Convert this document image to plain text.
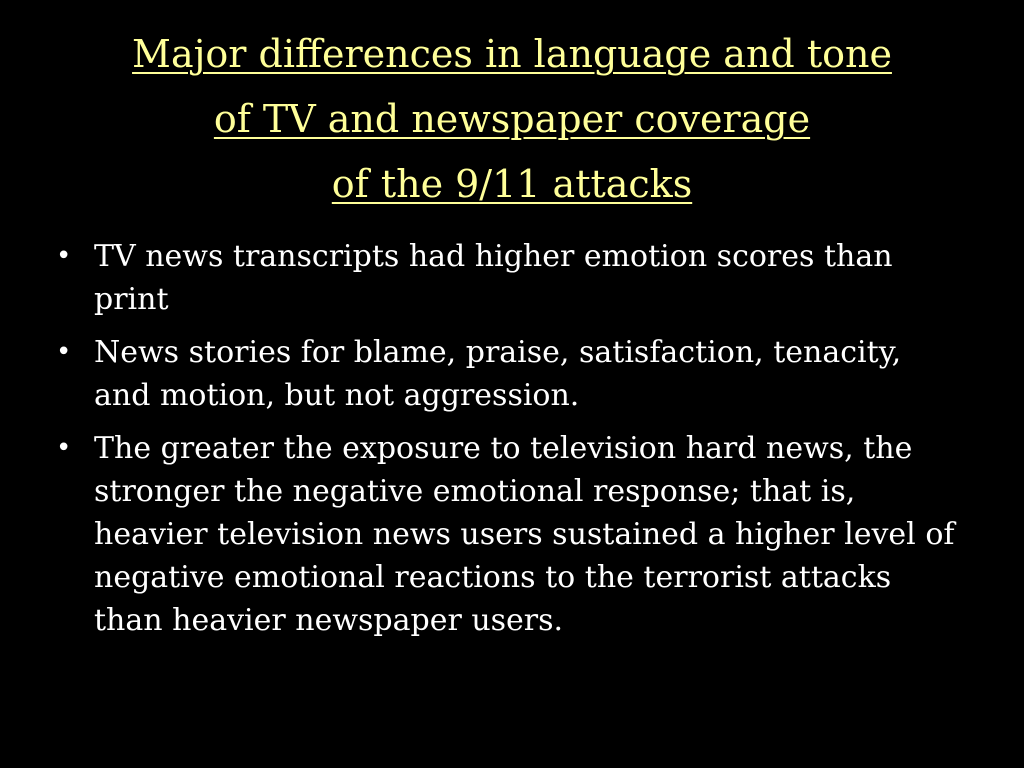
Major differences in language and tone
of TV and newspaper coverage
of the 9/11 attacks
• TV news transcripts had higher emotion scores than print
• News stories for blame, praise, satisfaction, tenacity, and motion, but not aggression.
• The greater the exposure to television hard news, the stronger the negative emotional response; that is, heavier television news users sustained a higher level of negative emotional reactions to the terrorist attacks than heavier newspaper users.
